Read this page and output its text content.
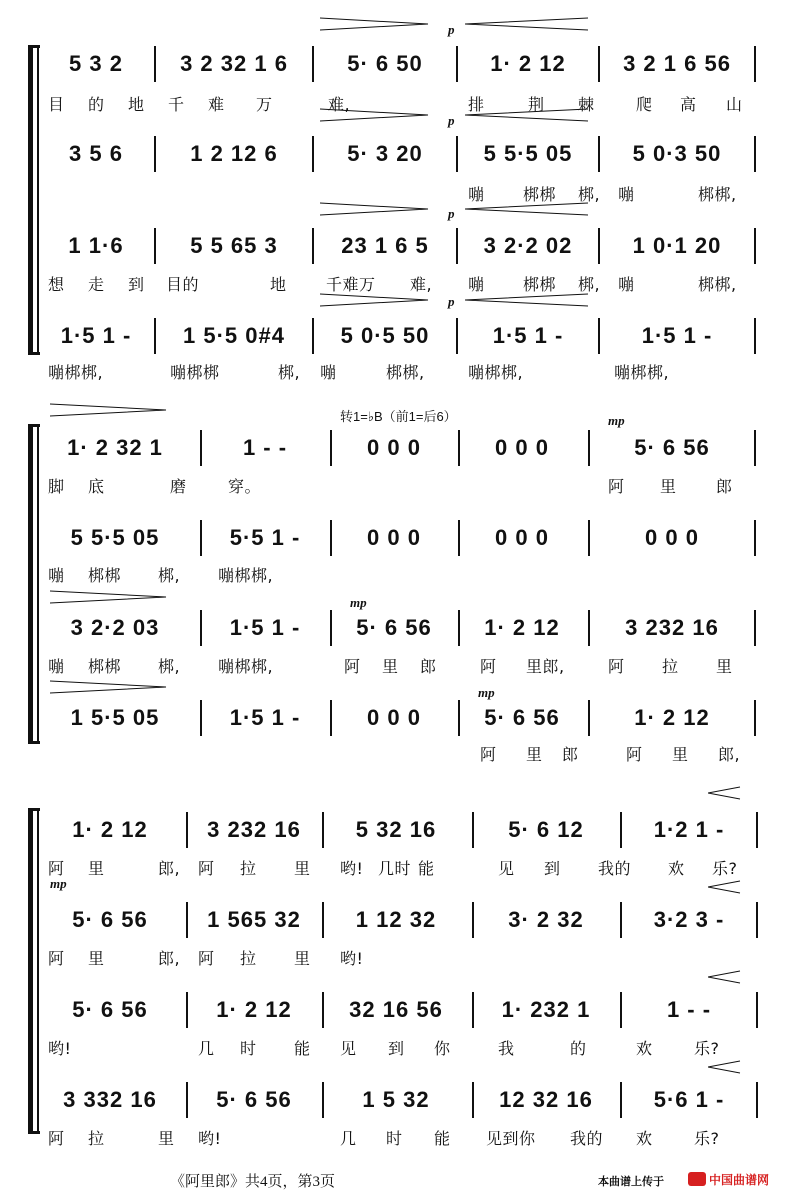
p
p
p
p
5 3 2	3 2 32 1 6	5· 6 50	1· 2 12	3 2 1 6 56
目 的 地 千 难 万	难,	排	荆 棘	爬 高 山
3 5 6	1 2 12 6	5· 3 20	5 5·5 05	5 0·3 50
嘣 梆梆 梆, 嘣	梆梆,
1 1·6	5 5 65 3	23 1 6 5	3 2·2 02	1 0·1 20
想 走 到 目的	地 千难万 难, 嘣 梆梆 梆, 嘣	梆梆,
1·5 1 -	1 5·5 0#4	5 0·5 50	1·5 1 -	1·5 1 -
嘣梆梆,	嘣梆梆	梆, 嘣	梆梆,	嘣梆梆,	嘣梆梆,
转1=♭B（前1=后6）	mp
mp
mp
1· 2 32 1	1 - -	0 0 0	0 0 0	5· 6 56
脚 底	磨	穿。	阿 里 郎
5 5·5 05	5·5 1 -	0 0 0	0 0 0	0 0 0
嘣 梆梆 梆, 嘣梆梆,
3 2·2 03	1·5 1 -	5· 6 56	1· 2 12	3 232 16
嘣 梆梆 梆, 嘣梆梆,	阿 里 郎	阿 里郎,	阿 拉 里
1 5·5 05	1·5 1 -	0 0 0	5· 6 56	1· 2 12
阿 里 郎	阿 里 郎,
mp
1· 2 12	3 232 16	5 32 16	5· 6 12	1·2 1 -
阿 里	郎, 阿 拉 里 哟! 几时 能	见 到 我的 欢 乐?
5· 6 56	1 565 32	1 12 32	3· 2 32	3·2 3 -
阿 里	郎, 阿 拉 里 哟!
5· 6 56	1· 2 12	32 16 56	1· 232 1	1 - -
哟!	几 时 能 见 到 你	我	的	欢	乐?
3 332 16	5· 6 56	1 5 32	12 32 16	5·6 1 -
阿 拉	里 哟!	几 时 能 见到你 我的 欢	乐?
《阿里郎》共4页，第3页	本曲谱上传于	中国曲谱网
